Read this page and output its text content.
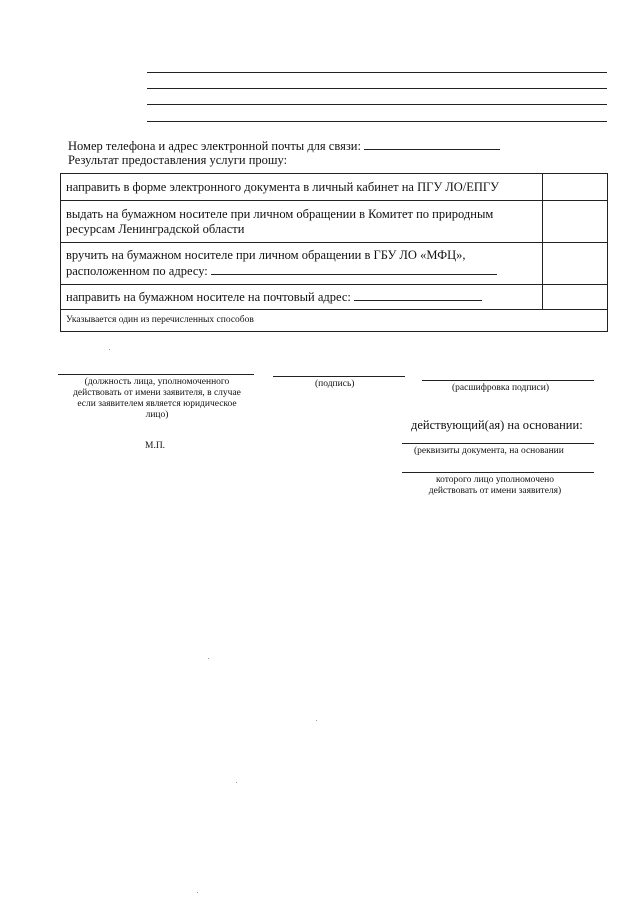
Номер телефона и адрес электронной почты для связи:
Результат предоставления услуги прошу:
направить в форме электронного документа в личный кабинет на ПГУ ЛО/ЕПГУ	
выдать на бумажном носителе при личном обращении в Комитет по природным ресурсам Ленинградской области	

вручить на бумажном носителе при личном обращении в ГБУ ЛО «МФЦ»,
расположенном по адресу:	

направить на бумажном носителе на почтовый адрес:	
Указывается один из перечисленных способов	
(должность лица, уполномоченного действовать от имени заявителя, в случае если заявителем является юридическое лицо)
(подпись)	(расшифровка подписи)
М.П.
действующий(ая) на основании:
(реквизиты документа, на основании
которого лицо уполномочено действовать от имени заявителя)
